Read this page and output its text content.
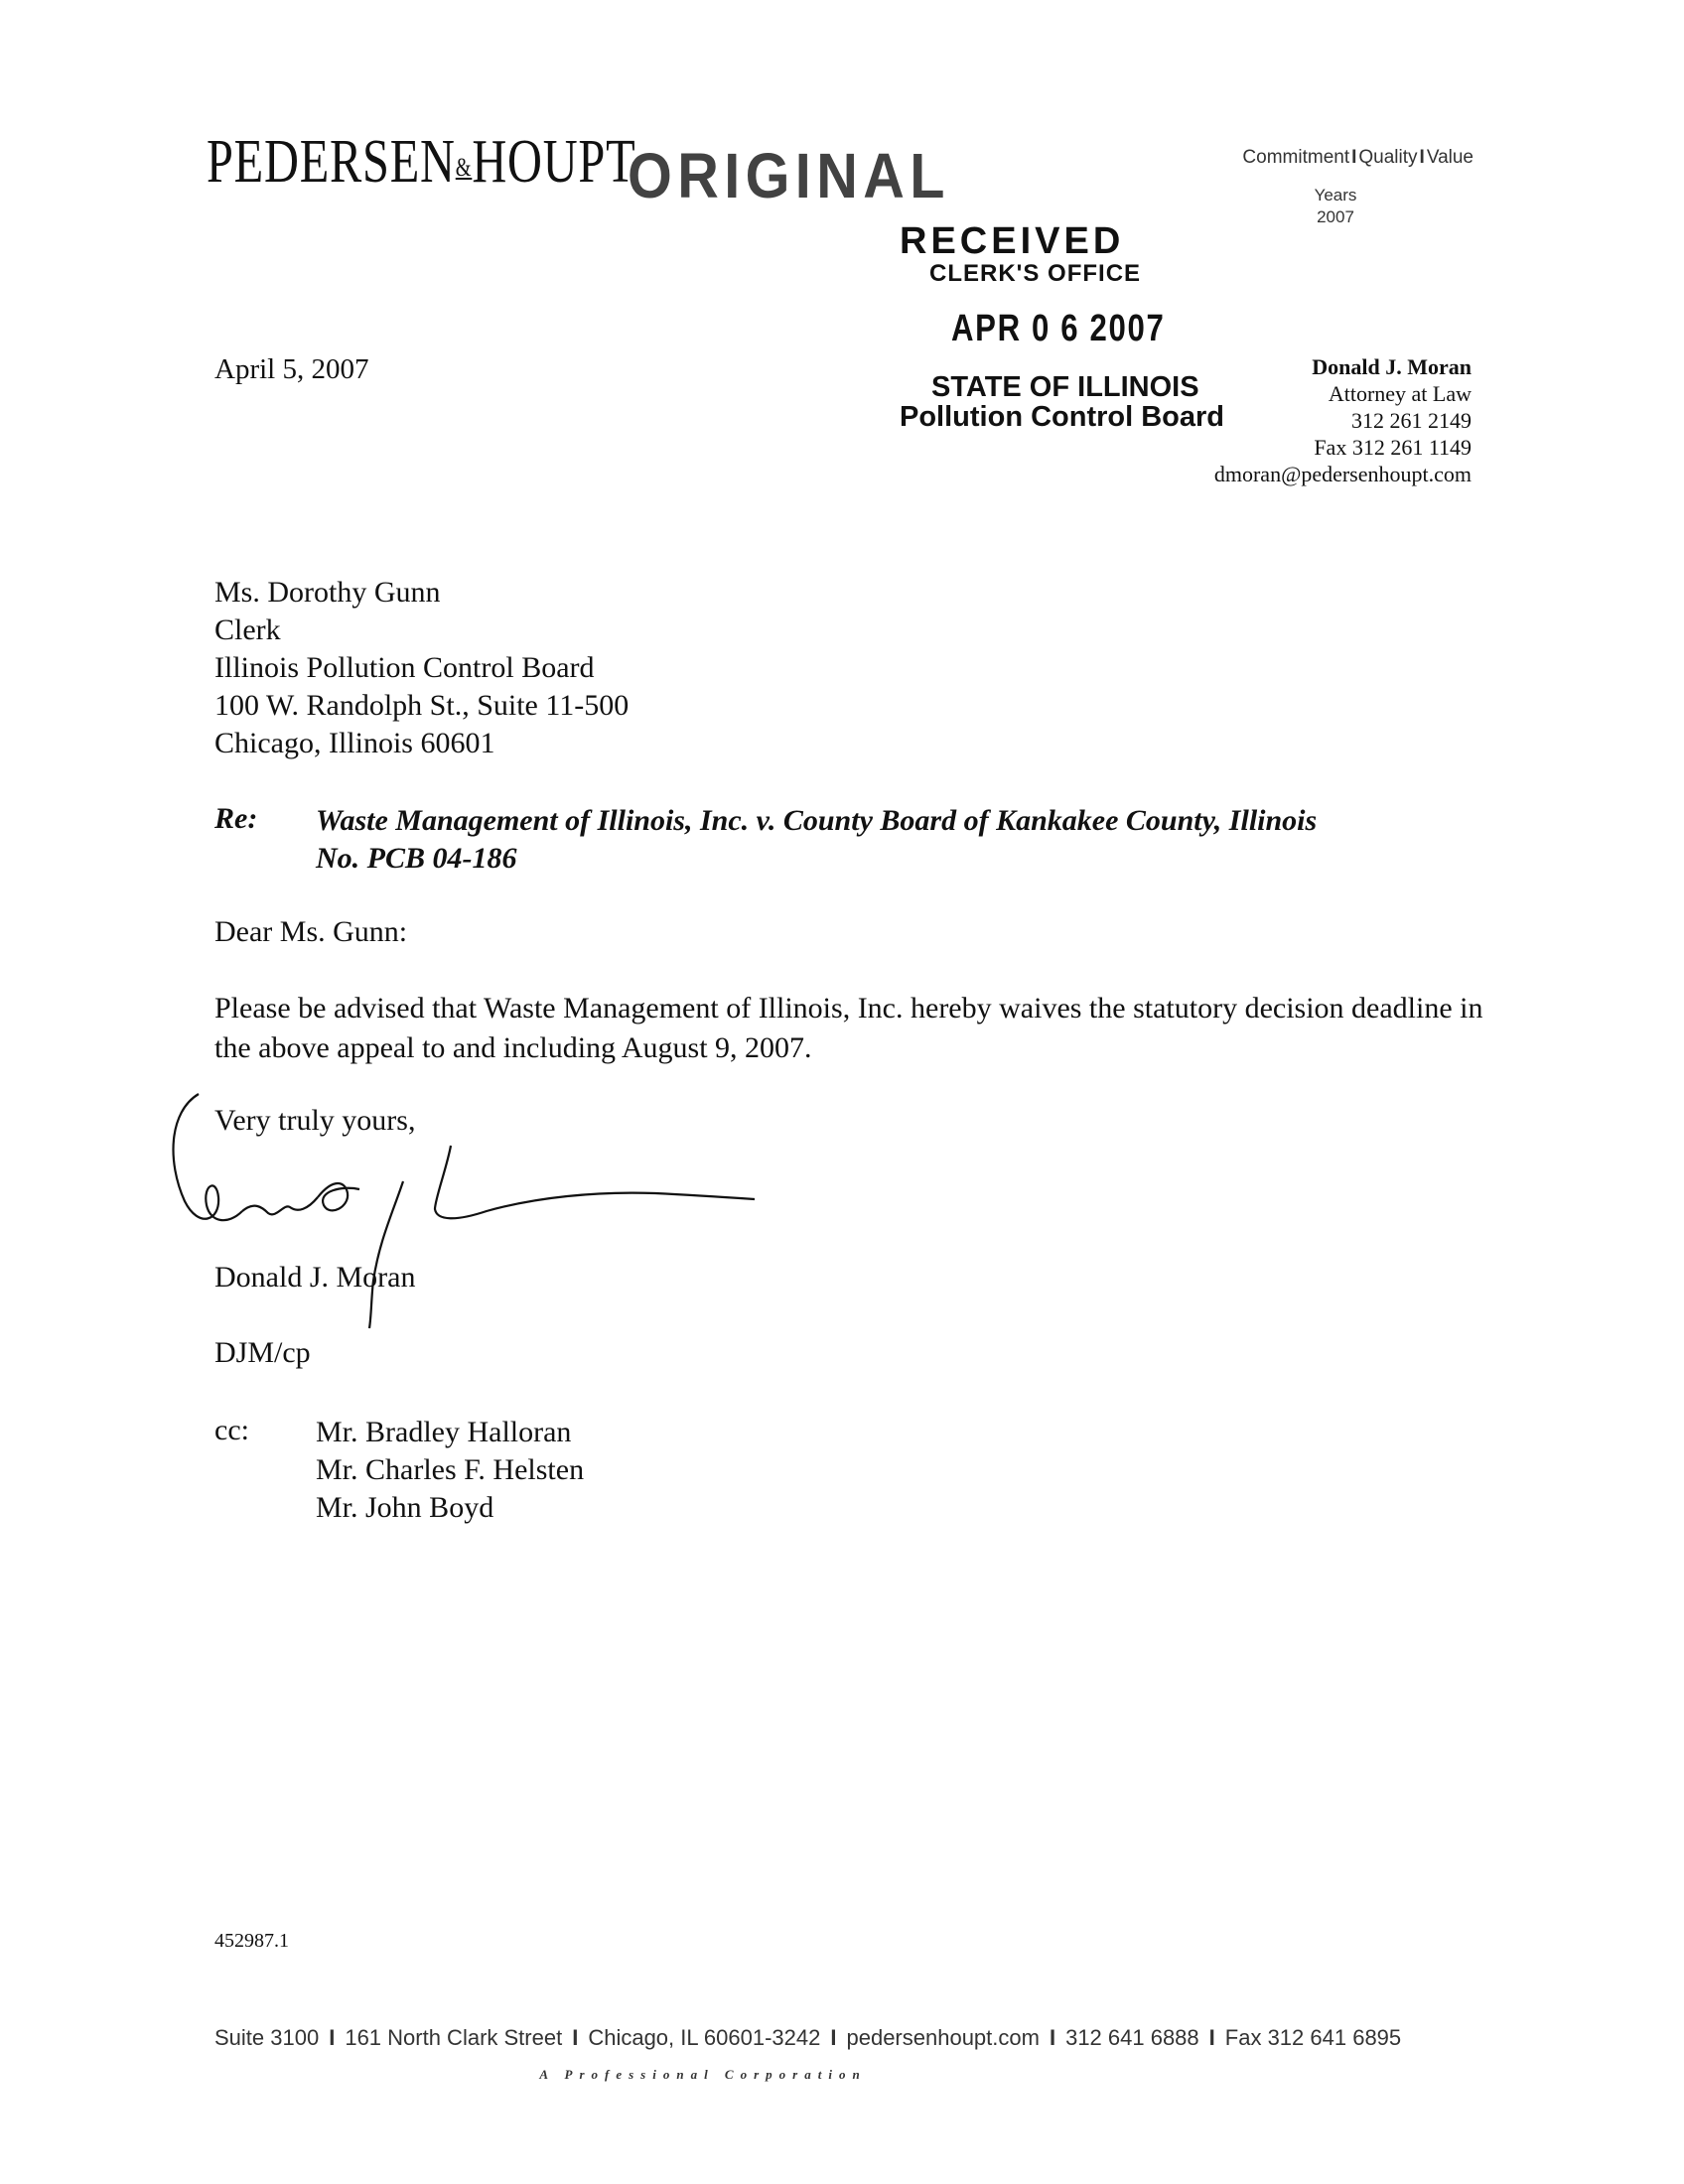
PEDERSEN&HOUPT
ORIGINAL	Commitment I Quality I Value
Years
2007
RECEIVED
CLERK'S OFFICE
APR 0 6 2007
STATE OF ILLINOIS
Pollution Control Board
April 5, 2007	Donald J. Moran
Attorney at Law
312 261 2149
Fax 312 261 1149
dmoran@pedersenhoupt.com
Ms. Dorothy Gunn
Clerk
Illinois Pollution Control Board
100 W. Randolph St., Suite 11-500
Chicago, Illinois 60601
Re: Waste Management of Illinois, Inc. v. County Board of Kankakee County, Illinois
No. PCB 04-186
Dear Ms. Gunn:
Please be advised that Waste Management of Illinois, Inc. hereby waives the statutory decision deadline in the above appeal to and including August 9, 2007.
Very truly yours,
Donald J. Moran
DJM/cp
cc: Mr. Bradley Halloran
Mr. Charles F. Helsten
Mr. John Boyd
452987.1
Suite 3100 I 161 North Clark Street I Chicago, IL 60601-3242 I pedersenhoupt.com I 312 641 6888 I Fax 312 641 6895
A Professional Corporation
